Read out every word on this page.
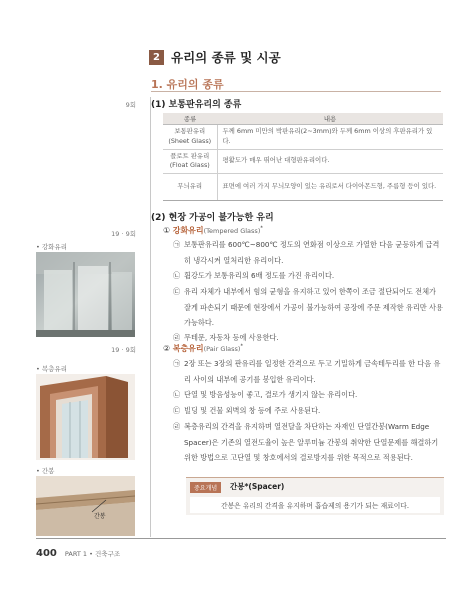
2 유리의 종류 및 시공
1. 유리의 종류
9회 (1) 보통판유리의 종류
종류	내용
보통판유리
(Sheet Glass)	두께 6mm 미만의 박판유리(2~3mm)와 두께 6mm 이상의 후판유리가 있다.
플로트 판유리
(Float Glass)	평활도가 매우 뛰어난 대형판유리이다.
무늬유리	표면에 여러 가지 무늬모양이 있는 유리로서 다이아몬드형, 주름형 등이 있다.
(2) 현장 가공이 불가능한 유리
19 · 9회	① 강화유리(Tempered Glass)*
㉠ 보통판유리를 600℃~800℃ 정도의 연화점 이상으로 가열한 다음 균등하게 급격히 냉각시켜 열처리한 유리이다.
㉡ 휨강도가 보통유리의 6배 정도를 가진 유리이다.
㉢ 유리 자체가 내부에서 힘의 균형을 유지하고 있어 한쪽이 조금 절단되어도 전체가 잘게 파손되기 때문에 현장에서 가공이 불가능하여 공장에 주문 제작한 유리만 사용가능하다.
㉣ 무테문, 자동차 등에 사용한다.
19 · 9회	② 복층유리(Pair Glass)*
㉠ 2장 또는 3장의 판유리를 일정한 간격으로 두고 기밀하게 금속테두리를 한 다음 유리 사이의 내부에 공기를 봉입한 유리이다.
㉡ 단열 및 방음성능이 좋고, 결로가 생기지 않는 유리이다.
㉢ 빌딩 및 건물 외벽의 창 등에 주로 사용된다.
㉣ 복층유리의 간격을 유지하며 열전달을 차단하는 자재인 단열간봉(Warm Edge Spacer)은 기존의 열전도율이 높은 알루미늄 간봉의 취약한 단열문제를 해결하기 위한 방법으로 고단열 및 창호에서의 결로방지를 위한 목적으로 적용된다.
• 강화유리
• 복층유리
• 간봉
간봉
중요개념	간봉*(Spacer)
간봉은 유리의 간격을 유지하며 흡습제의 용기가 되는 재료이다.
400 PART 1 • 건축구조
